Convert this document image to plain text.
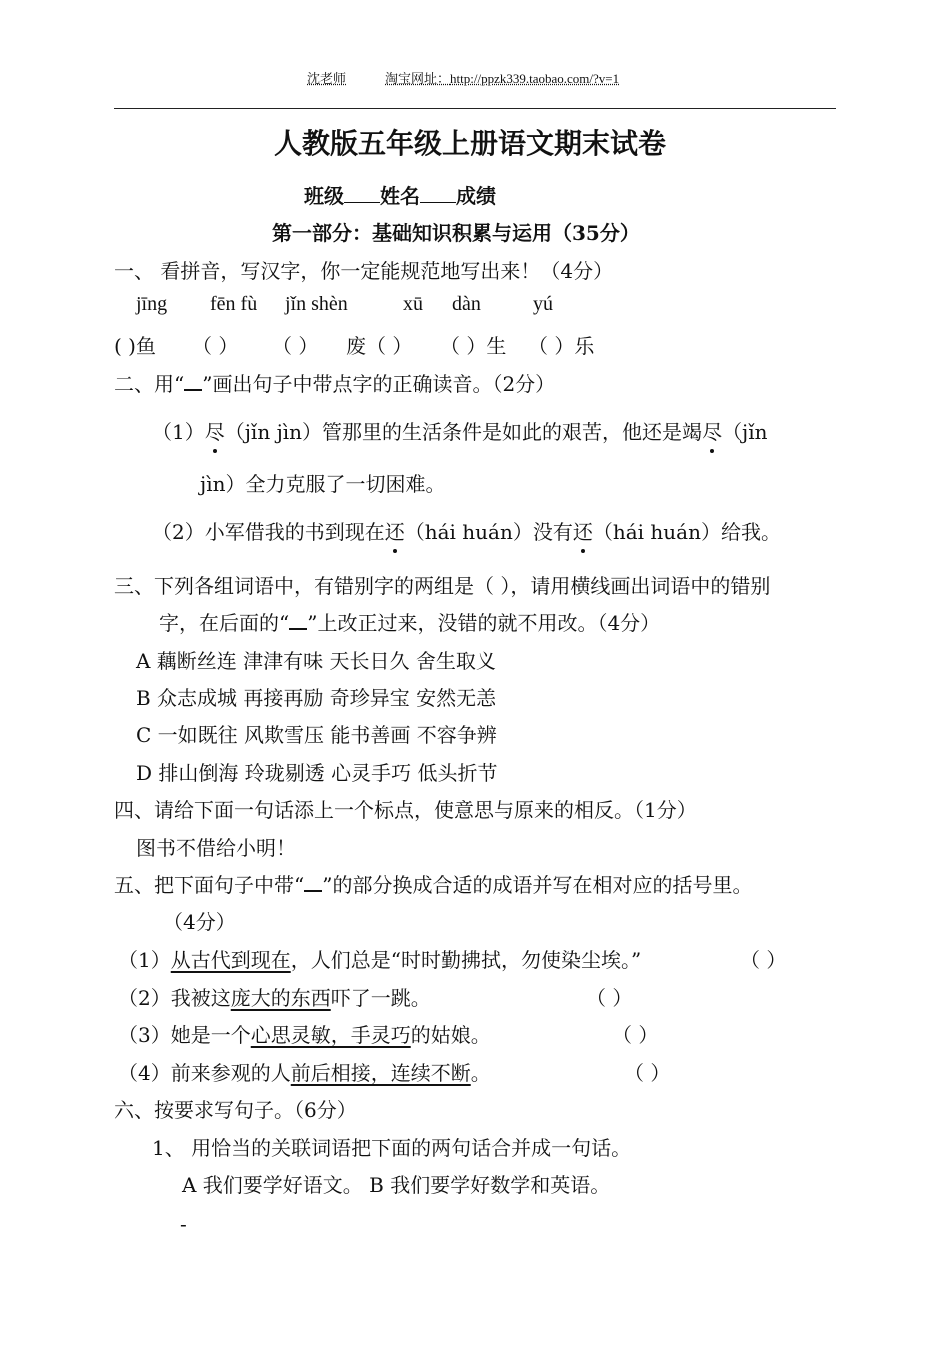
沈老师	淘宝网址：http://ppzk339.taobao.com/?v=1
人教版五年级上册语文期末试卷
班级 姓名 成绩
第一部分：基础知识积累与运用（35分）
一、 看拼音，写汉字，你一定能规范地写出来！（4分）
jīng fēn fù jǐn shèn	xū dàn	yú
( )鱼 （ ） （ ） 废（ ） （ ）生 （ ）乐
二、用“ ”画出句子中带点字的正确读音。（2分）
（1）尽（jǐn jìn）管那里的生活条件是如此的艰苦，他还是竭尽（jǐn
jìn）全力克服了一切困难。
（2）小军借我的书到现在还（hái huán）没有还（hái huán）给我。
三、下列各组词语中，有错别字的两组是（ ），请用横线画出词语中的错别
字，在后面的“ ”上改正过来，没错的就不用改。（4分）
A 藕断丝连 津津有味 天长日久 舍生取义
B 众志成城 再接再励 奇珍异宝 安然无恙
C 一如既往 风欺雪压 能书善画 不容争辨
D 排山倒海 玲珑剔透 心灵手巧 低头折节
四、请给下面一句话添上一个标点，使意思与原来的相反。（1分）
图书不借给小明！
五、把下面句子中带“ ”的部分换成合适的成语并写在相对应的括号里。
（4分）
（1）从古代到现在，人们总是“时时勤拂拭，勿使染尘埃。”	（ ）
（2）我被这庞大的东西吓了一跳。	（ ）
（3）她是一个心思灵敏，手灵巧的姑娘。	（ ）
（4）前来参观的人前后相接，连续不断。	（ ）
六、按要求写句子。（6分）
1、 用恰当的关联词语把下面的两句话合并成一句话。
A 我们要学好语文。 B 我们要学好数学和英语。
-
